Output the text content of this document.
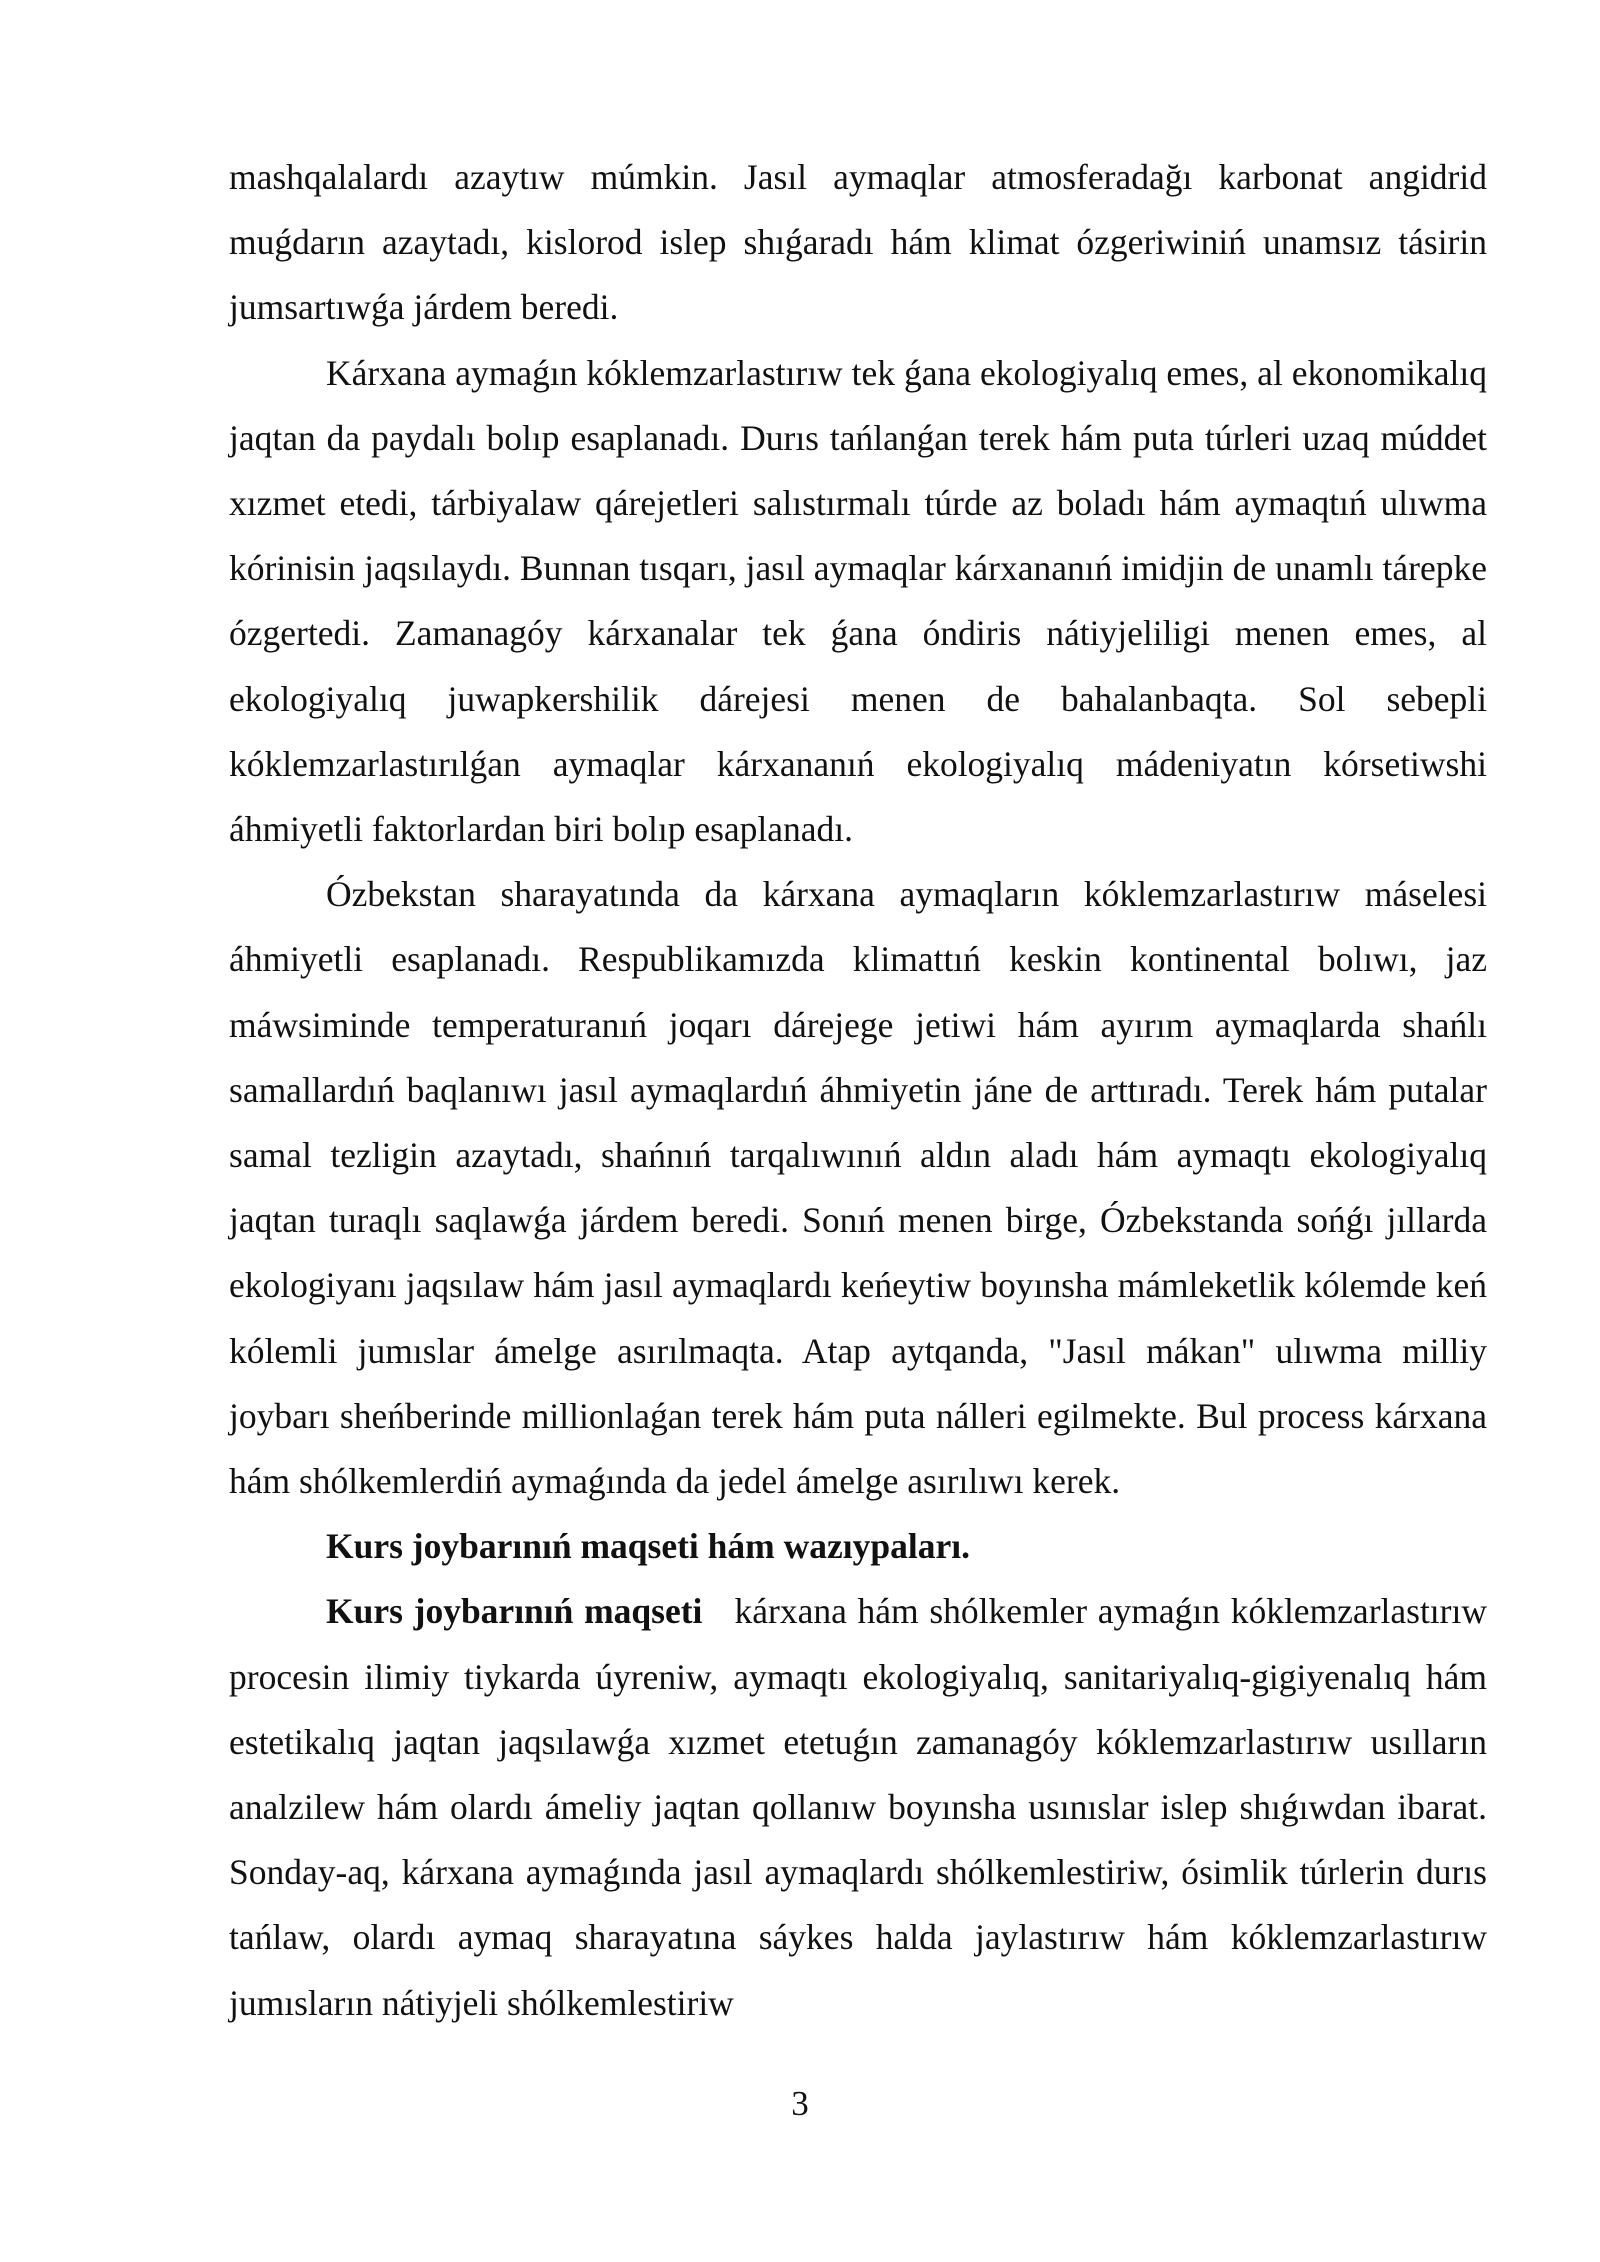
mashqalalardı azaytıw múmkin. Jasıl aymaqlar atmosferadağı karbonat angidrid muǵdarın azaytadı, kislorod islep shıǵaradı hám klimat ózgeriwiniń unamsız tásirin jumsartıwǵa járdem beredi.

Kárxana aymaǵın kóklemzarlastırıw tek ǵana ekologiyalıq emes, al ekonomikalıq jaqtan da paydalı bolıp esaplanadı. Durıs tańlanǵan terek hám puta túrleri uzaq múddet xızmet etedi, tárbiyalaw qárejetleri salıstırmalı túrde az boladı hám aymaqtıń ulıwma kórinisin jaqsılaydı. Bunnan tısqarı, jasıl aymaqlar kárxananıń imidjin de unamlı tárepke ózgertedi. Zamanagóy kárxanalar tek ǵana óndiris nátiyjeliligi menen emes, al ekologiyalıq juwapkershilik dárejesi menen de bahalanbaqta. Sol sebepli kóklemzarlastırılǵan aymaqlar kárxananıń ekologiyalıq mádeniyatın kórsetiwshi áhmiyetli faktorlardan biri bolıp esaplanadı.

Ózbekstan sharayatında da kárxana aymaqların kóklemzarlastırıw máselesi áhmiyetli esaplanadı. Respublikamızda klimattıń keskin kontinental bolıwı, jaz máwsiminde temperaturanıń joqarı dárejege jetiwi hám ayırım aymaqlarda shańlı samallardıń baqlanıwı jasıl aymaqlardıń áhmiyetin jáne de arttıradı. Terek hám putalar samal tezligin azaytadı, shańnıń tarqalıwınıń aldın aladı hám aymaqtı ekologiyalıq jaqtan turaqlı saqlawǵa járdem beredi. Sonıń menen birge, Ózbekstanda sońǵı jıllarda ekologiyanı jaqsılaw hám jasıl aymaqlardı keńeytiw boyınsha mámleketlik kólemde keń kólemli jumıslar ámelge asırılmaqta. Atap aytqanda, "Jasıl mákan" ulıwma milliy joybarı sheńberinde millionlaǵan terek hám puta nálleri egilmekte. Bul process kárxana hám shólkemlerdiń aymaǵında da jedel ámelge asırılıwı kerek.

Kurs joybarınıń maqseti hám wazıypaları.

Kurs joybarınıń maqseti kárxana hám shólkemler aymaǵın kóklemzarlastırıw procesin ilimiy tiykarda úyreniw, aymaqtı ekologiyalıq, sanitariyalıq-gigiyenalıq hám estetikalıq jaqtan jaqsılawǵa xızmet etetuǵın zamanagóy kóklemzarlastırıw usılların analzilew hám olardı ámeliy jaqtan qollanıw boyınsha usınıslar islep shıǵıwdan ibarat. Sonday-aq, kárxana aymaǵında jasıl aymaqlardı shólkemlestiriw, ósimlik túrlerin durıs tańlaw, olardı aymaq sharayatına sáykes halda jaylastırıw hám kóklemzarlastırıw jumısların nátiyjeli shólkemlestiriw

3
